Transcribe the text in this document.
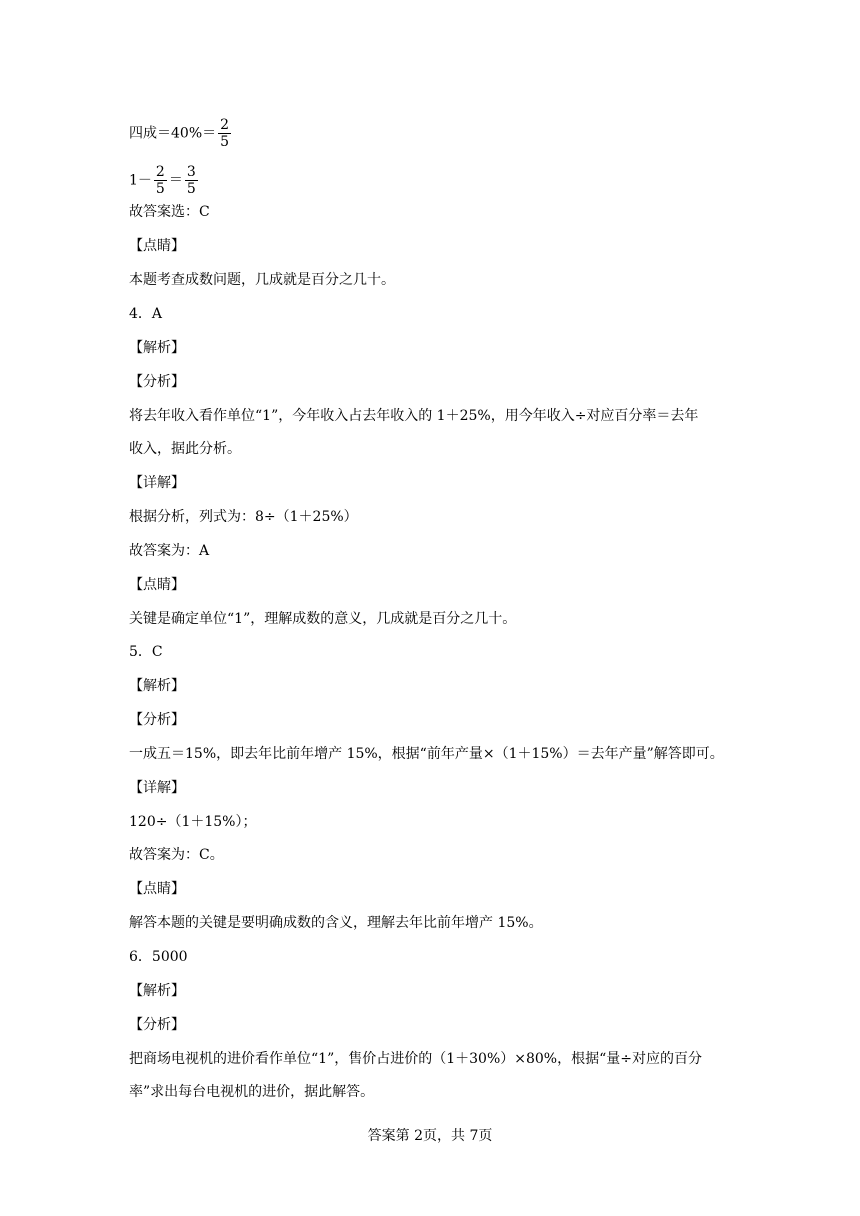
四成$=40\%= \frac{2}{5}$
$1- \frac{2}{5} = \frac{3}{5}$
故答案选：C
【点睛】
本题考查成数问题，几成就是百分之几十。
4．A
【解析】
【分析】
将去年收入看作单位“1”，今年收入占去年收入的 1＋25%，用今年收入÷对应百分率＝去年
收入，据此分析。
【详解】
根据分析，列式为：8÷（1＋25%）
故答案为：A
【点睛】
关键是确定单位“1”，理解成数的意义，几成就是百分之几十。
5．C
【解析】
【分析】
一成五＝15%，即去年比前年增产 15%，根据“前年产量×（1＋15%）＝去年产量”解答即可。
【详解】
120÷（1＋15%）；
故答案为：C。
【点睛】
解答本题的关键是要明确成数的含义，理解去年比前年增产 15%。
6．5000
【解析】
【分析】
把商场电视机的进价看作单位“1”，售价占进价的（1＋30%）×80%，根据“量÷对应的百分
率”求出每台电视机的进价，据此解答。
答案第 2页，共 7页
